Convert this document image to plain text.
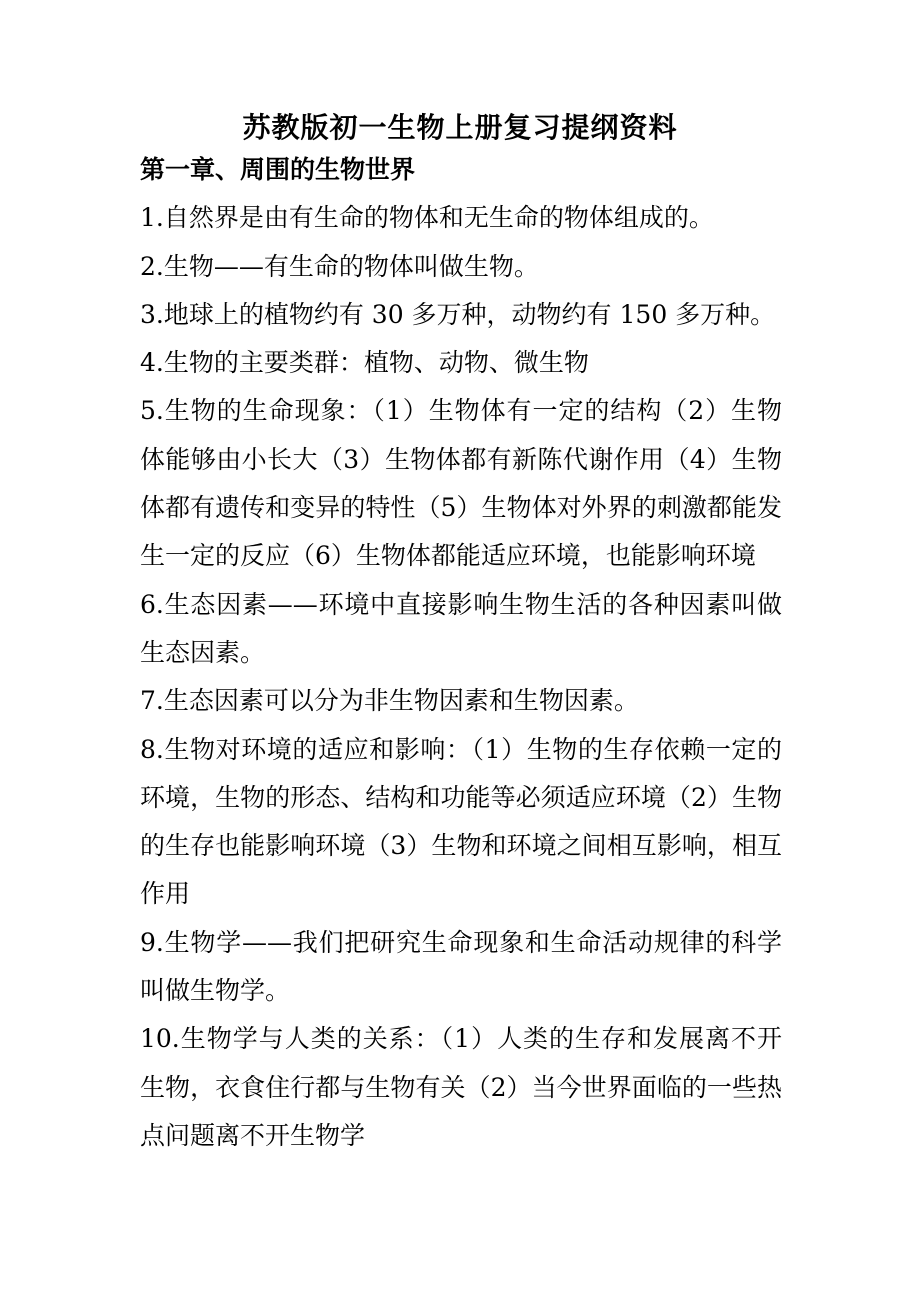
苏教版初一生物上册复习提纲资料

第一章、周围的生物世界

1.自然界是由有生命的物体和无生命的物体组成的。

2.生物——有生命的物体叫做生物。

3.地球上的植物约有 30 多万种，动物约有 150 多万种。

4.生物的主要类群：植物、动物、微生物

5.生物的生命现象：（1）生物体有一定的结构（2）生物体能够由小长大（3）生物体都有新陈代谢作用（4）生物体都有遗传和变异的特性（5）生物体对外界的刺激都能发生一定的反应（6）生物体都能适应环境，也能影响环境

6.生态因素——环境中直接影响生物生活的各种因素叫做生态因素。

7.生态因素可以分为非生物因素和生物因素。

8.生物对环境的适应和影响：（1）生物的生存依赖一定的环境，生物的形态、结构和功能等必须适应环境（2）生物的生存也能影响环境（3）生物和环境之间相互影响，相互作用

9.生物学——我们把研究生命现象和生命活动规律的科学叫做生物学。

10.生物学与人类的关系：（1）人类的生存和发展离不开生物，衣食住行都与生物有关（2）当今世界面临的一些热点问题离不开生物学
